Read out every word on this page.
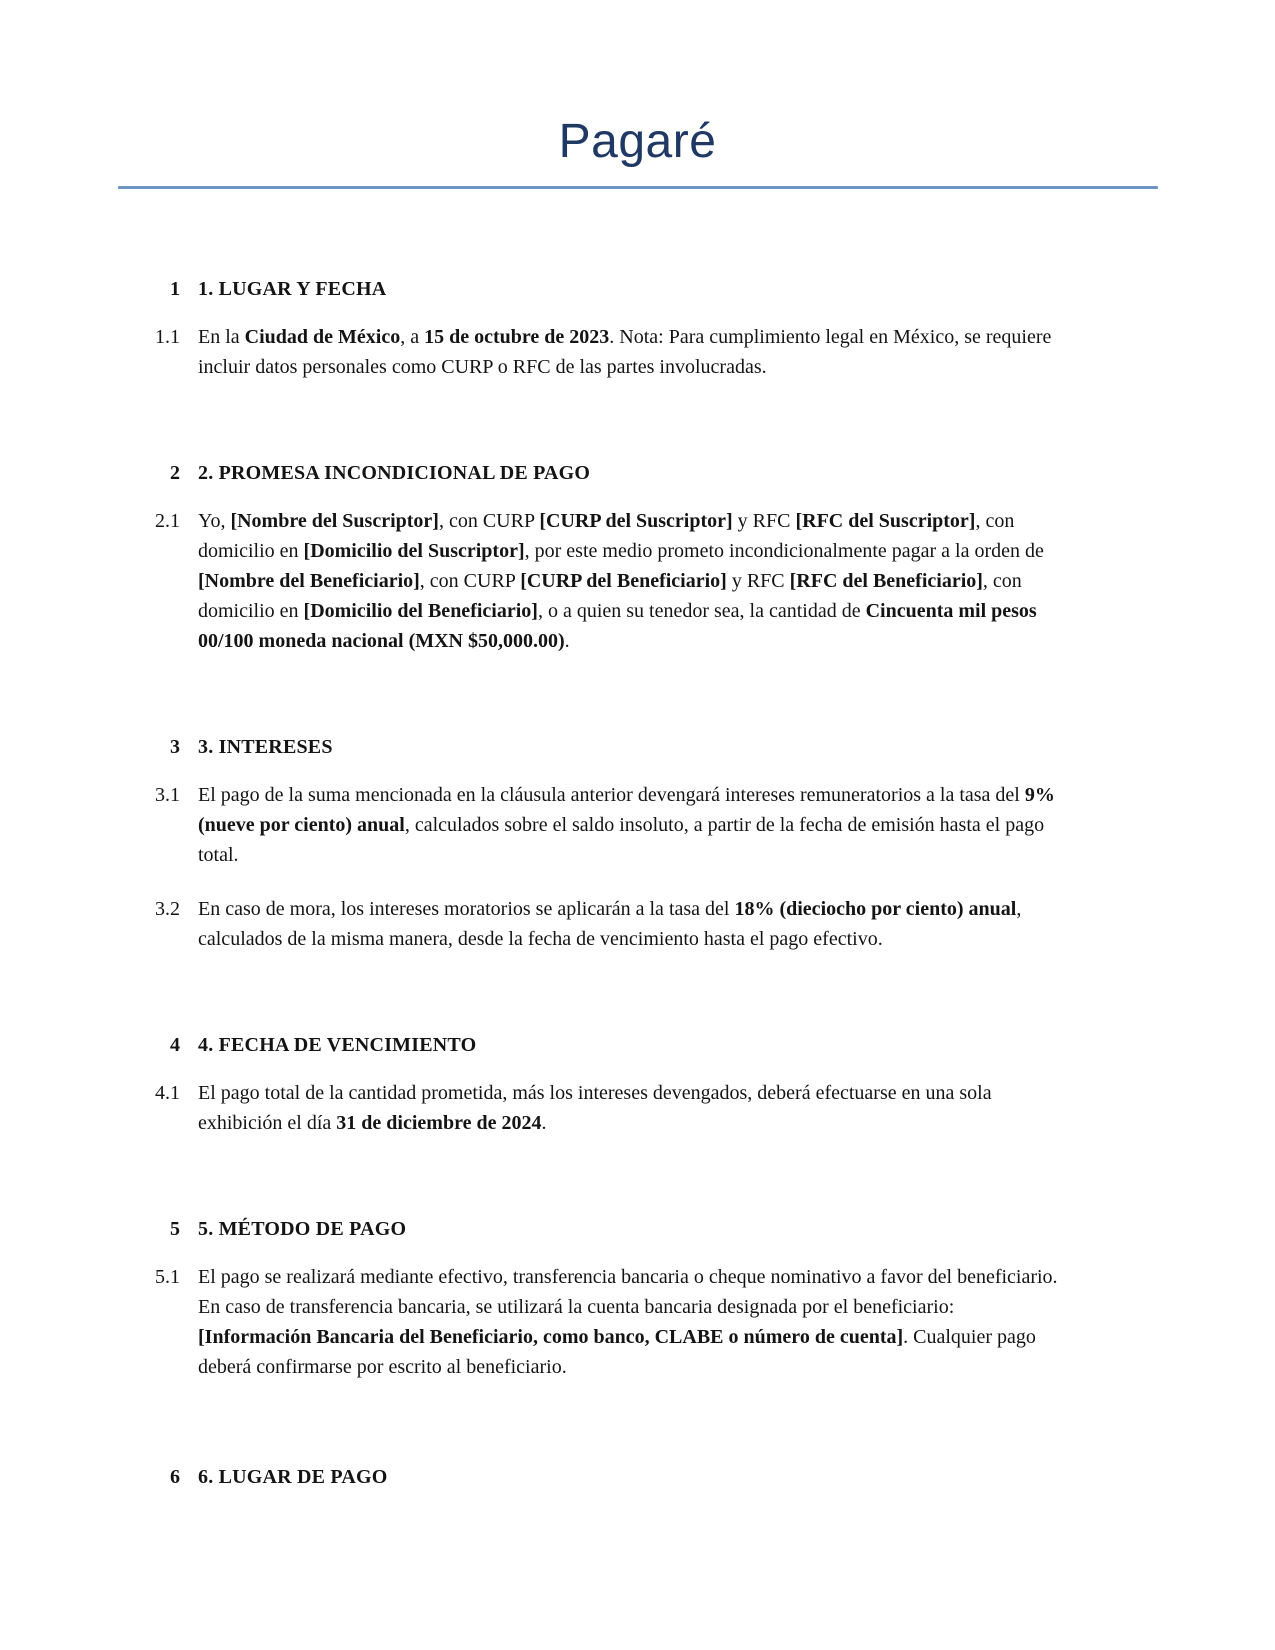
Pagaré
1 1. LUGAR Y FECHA
1.1 En la Ciudad de México, a 15 de octubre de 2023. Nota: Para cumplimiento legal en México, se requiere incluir datos personales como CURP o RFC de las partes involucradas.

2 2. PROMESA INCONDICIONAL DE PAGO
2.1 Yo, [Nombre del Suscriptor], con CURP [CURP del Suscriptor] y RFC [RFC del Suscriptor], con domicilio en [Domicilio del Suscriptor], por este medio prometo incondicionalmente pagar a la orden de [Nombre del Beneficiario], con CURP [CURP del Beneficiario] y RFC [RFC del Beneficiario], con domicilio en [Domicilio del Beneficiario], o a quien su tenedor sea, la cantidad de Cincuenta mil pesos 00/100 moneda nacional (MXN $50,000.00).

3 3. INTERESES
3.1 El pago de la suma mencionada en la cláusula anterior devengará intereses remuneratorios a la tasa del 9% (nueve por ciento) anual, calculados sobre el saldo insoluto, a partir de la fecha de emisión hasta el pago total.

3.2 En caso de mora, los intereses moratorios se aplicarán a la tasa del 18% (dieciocho por ciento) anual, calculados de la misma manera, desde la fecha de vencimiento hasta el pago efectivo.

4 4. FECHA DE VENCIMIENTO
4.1 El pago total de la cantidad prometida, más los intereses devengados, deberá efectuarse en una sola exhibición el día 31 de diciembre de 2024.

5 5. MÉTODO DE PAGO
5.1 El pago se realizará mediante efectivo, transferencia bancaria o cheque nominativo a favor del beneficiario. En caso de transferencia bancaria, se utilizará la cuenta bancaria designada por el beneficiario: [Información Bancaria del Beneficiario, como banco, CLABE o número de cuenta]. Cualquier pago deberá confirmarse por escrito al beneficiario.

6 6. LUGAR DE PAGO
